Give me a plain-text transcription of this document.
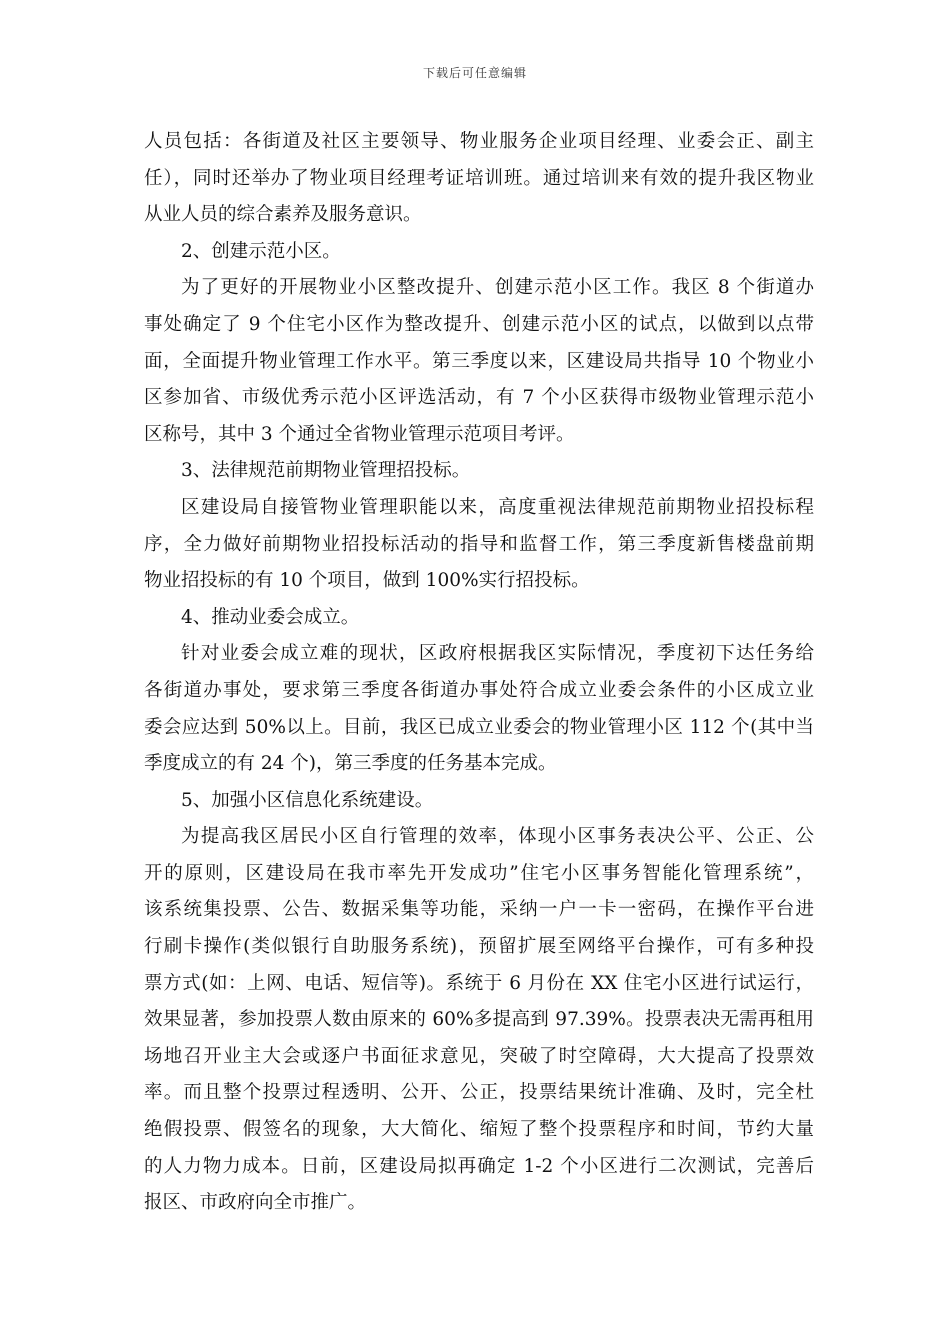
下载后可任意编辑

人员包括：各街道及社区主要领导、物业服务企业项目经理、业委会正、副主
任），同时还举办了物业项目经理考证培训班。通过培训来有效的提升我区物业
从业人员的综合素养及服务意识。

2、创建示范小区。

为了更好的开展物业小区整改提升、创建示范小区工作。我区 8 个街道办
事处确定了 9 个住宅小区作为整改提升、创建示范小区的试点，以做到以点带
面，全面提升物业管理工作水平。第三季度以来，区建设局共指导 10 个物业小
区参加省、市级优秀示范小区评选活动，有 7 个小区获得市级物业管理示范小
区称号，其中 3 个通过全省物业管理示范项目考评。

3、法律规范前期物业管理招投标。

区建设局自接管物业管理职能以来，高度重视法律规范前期物业招投标程
序，全力做好前期物业招投标活动的指导和监督工作，第三季度新售楼盘前期
物业招投标的有 10 个项目，做到 100%实行招投标。

4、推动业委会成立。

针对业委会成立难的现状，区政府根据我区实际情况，季度初下达任务给
各街道办事处，要求第三季度各街道办事处符合成立业委会条件的小区成立业
委会应达到 50%以上。目前，我区已成立业委会的物业管理小区 112 个(其中当
季度成立的有 24 个)，第三季度的任务基本完成。

5、加强小区信息化系统建设。

为提高我区居民小区自行管理的效率，体现小区事务表决公平、公正、公
开的原则，区建设局在我市率先开发成功”住宅小区事务智能化管理系统”，
该系统集投票、公告、数据采集等功能，采纳一户一卡一密码，在操作平台进
行刷卡操作(类似银行自助服务系统)，预留扩展至网络平台操作，可有多种投
票方式(如：上网、电话、短信等)。系统于 6 月份在 XX 住宅小区进行试运行，
效果显著，参加投票人数由原来的 60%多提高到 97.39%。投票表决无需再租用
场地召开业主大会或逐户书面征求意见，突破了时空障碍，大大提高了投票效
率。而且整个投票过程透明、公开、公正，投票结果统计准确、及时，完全杜
绝假投票、假签名的现象，大大简化、缩短了整个投票程序和时间，节约大量
的人力物力成本。日前，区建设局拟再确定 1-2 个小区进行二次测试，完善后
报区、市政府向全市推广。
